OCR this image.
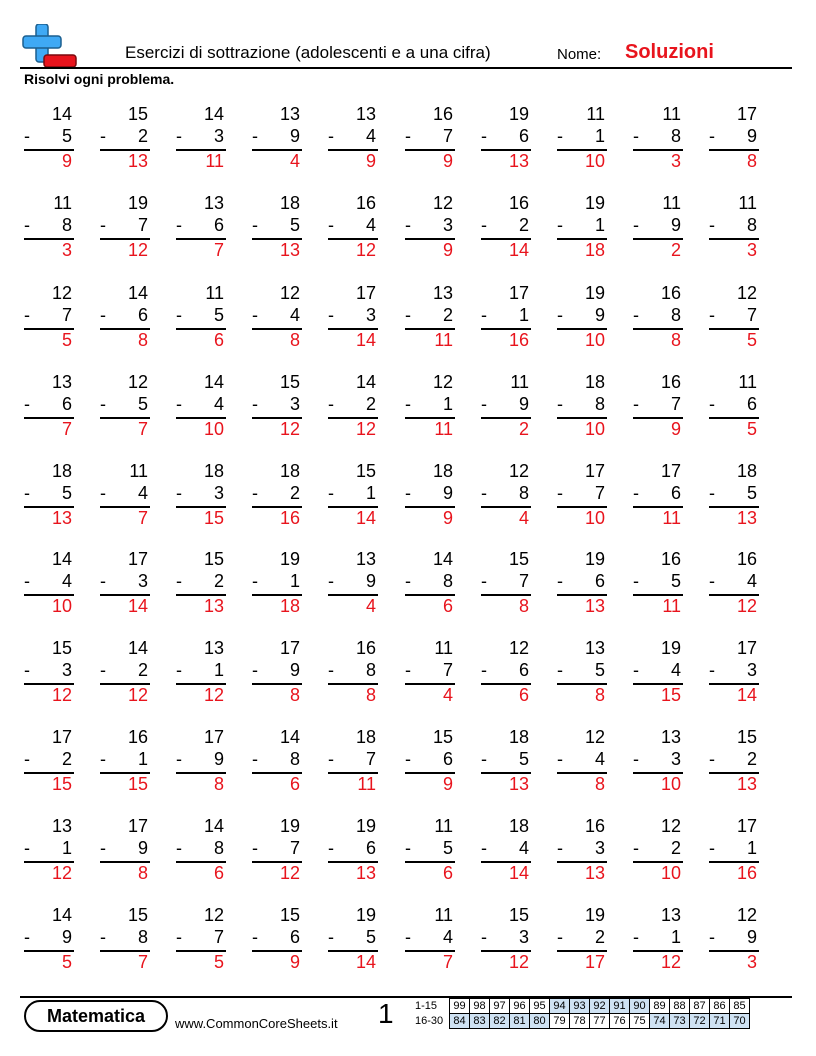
Esercizi di sottrazione (adolescenti e a una cifra)	Nome: Soluzioni
Risolvi ogni problema.
14
- 5
9
15
- 2
13
14
- 3
11
13
- 9
4
13
- 4
9
16
- 7
9
19
- 6
13
11
- 1
10
11
- 8
3
17
- 9
8
11
- 8
3
19
- 7
12
13
- 6
7
18
- 5
13
16
- 4
12
12
- 3
9
16
- 2
14
19
- 1
18
11
- 9
2
11
- 8
3
12
- 7
5
14
- 6
8
11
- 5
6
12
- 4
8
17
- 3
14
13
- 2
11
17
- 1
16
19
- 9
10
16
- 8
8
12
- 7
5
13
- 6
7
12
- 5
7
14
- 4
10
15
- 3
12
14
- 2
12
12
- 1
11
11
- 9
2
18
- 8
10
16
- 7
9
11
- 6
5
18
- 5
13
11
- 4
7
18
- 3
15
18
- 2
16
15
- 1
14
18
- 9
9
12
- 8
4
17
- 7
10
17
- 6
11
18
- 5
13
14
- 4
10
17
- 3
14
15
- 2
13
19
- 1
18
13
- 9
4
14
- 8
6
15
- 7
8
19
- 6
13
16
- 5
11
16
- 4
12
15
- 3
12
14
- 2
12
13
- 1
12
17
- 9
8
16
- 8
8
11
- 7
4
12
- 6
6
13
- 5
8
19
- 4
15
17
- 3
14
17
- 2
15
16
- 1
15
17
- 9
8
14
- 8
6
18
- 7
11
15
- 6
9
18
- 5
13
12
- 4
8
13
- 3
10
15
- 2
13
13
- 1
12
17
- 9
8
14
- 8
6
19
- 7
12
19
- 6
13
11
- 5
6
18
- 4
14
16
- 3
13
12
- 2
10
17
- 1
16
14
- 9
5
15
- 8
7
12
- 7
5
15
- 6
9
19
- 5
14
11
- 4
7
15
- 3
12
19
- 2
17
13
- 1
12
12
- 9
3
Matematica	www.CommonCoreSheets.it 1 1-15	99	98	97	96	95	94	93	92	91	90	89	88	87	86	85
16-30	84	83	82	81	80	79	78	77	76	75	74	73	72	71	70
